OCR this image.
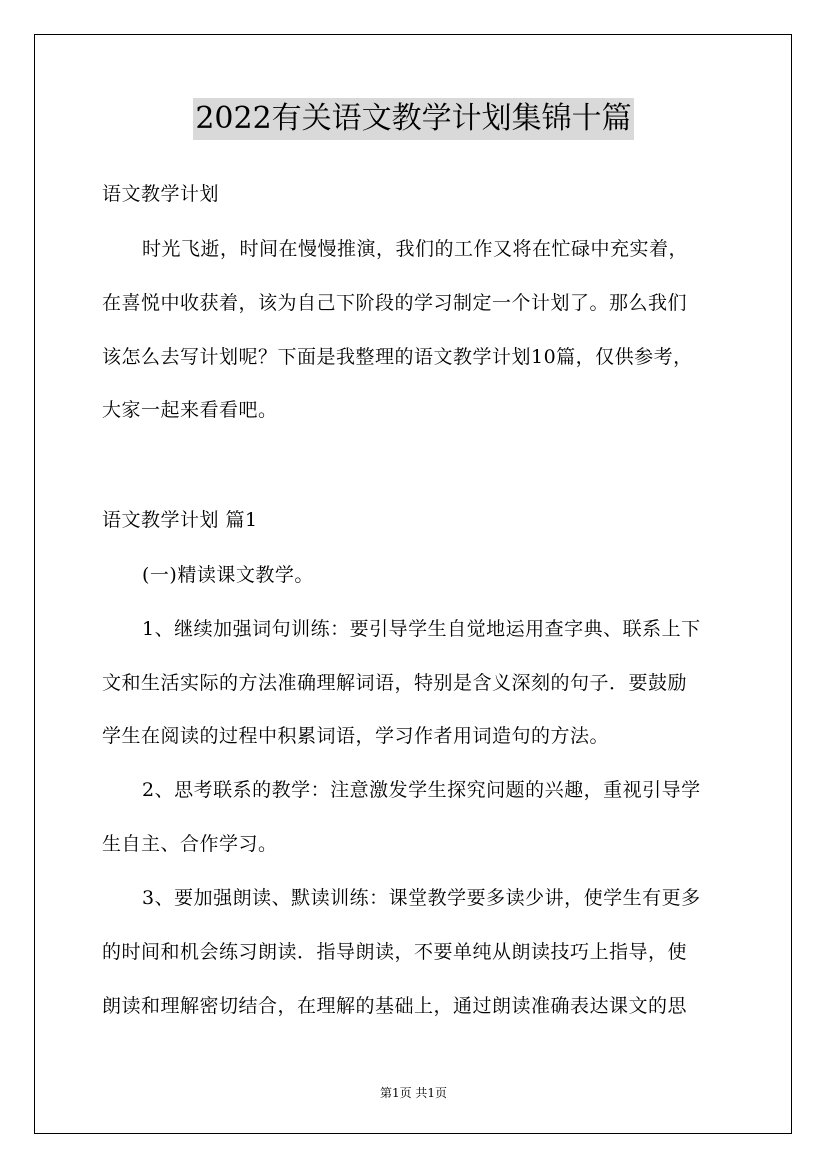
2022有关语文教学计划集锦十篇
语文教学计划
时光飞逝，时间在慢慢推演，我们的工作又将在忙碌中充实着，
在喜悦中收获着，该为自己下阶段的学习制定一个计划了。那么我们
该怎么去写计划呢？下面是我整理的语文教学计划10篇，仅供参考，
大家一起来看看吧。
语文教学计划 篇1
(一)精读课文教学。
1、继续加强词句训练：要引导学生自觉地运用查字典、联系上下
文和生活实际的方法准确理解词语，特别是含义深刻的句子．要鼓励
学生在阅读的过程中积累词语，学习作者用词造句的方法。
2、思考联系的教学：注意激发学生探究问题的兴趣，重视引导学
生自主、合作学习。
3、要加强朗读、默读训练：课堂教学要多读少讲，使学生有更多
的时间和机会练习朗读．指导朗读，不要单纯从朗读技巧上指导，使
朗读和理解密切结合，在理解的基础上，通过朗读准确表达课文的思
第1页 共1页
